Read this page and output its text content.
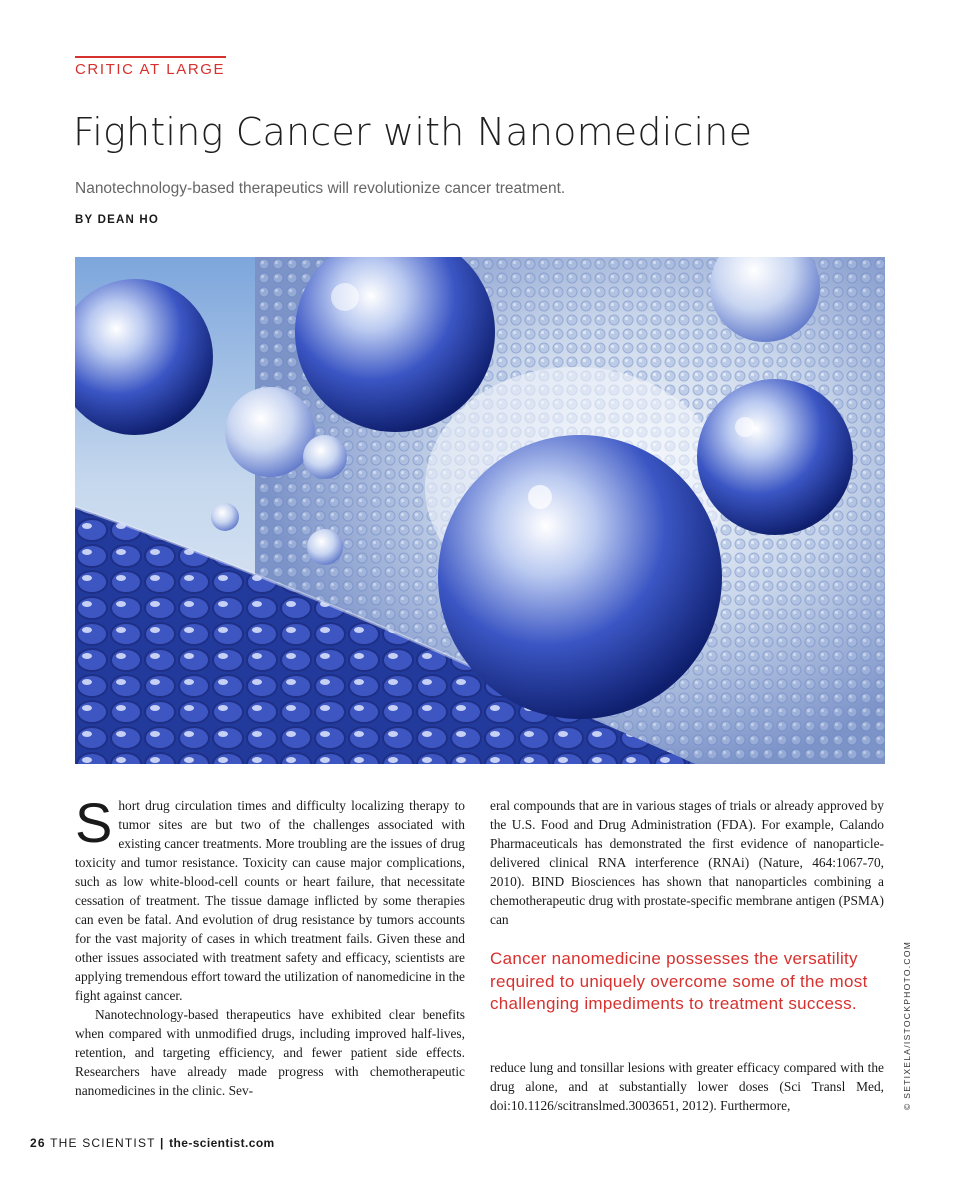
CRITIC AT LARGE
Fighting Cancer with Nanomedicine
Nanotechnology-based therapeutics will revolutionize cancer treatment.
BY DEAN HO
S hort drug circulation times and difficulty localizing therapy to tumor sites are but two of the challenges associated with existing cancer treatments. More troubling are the issues of drug toxicity and tumor resistance. Toxicity can cause major complications, such as low white-blood-cell counts or heart failure, that necessitate cessation of treatment. The tissue damage inflicted by some therapies can even be fatal. And evolution of drug resistance by tumors accounts for the vast majority of cases in which treatment fails. Given these and other issues associated with treatment safety and efficacy, scientists are applying tremendous effort toward the utilization of nanomedicine in the fight against cancer.

Nanotechnology-based therapeutics have exhibited clear benefits when compared with unmodified drugs, including improved half-lives, retention, and targeting efficiency, and fewer patient side effects. Researchers have already made progress with chemotherapeutic nanomedicines in the clinic. Sev-

eral compounds that are in various stages of trials or already approved by the U.S. Food and Drug Administration (FDA). For example, Calando Pharmaceuticals has demonstrated the first evidence of nanoparticle-delivered clinical RNA interference (RNAi) (Nature, 464:1067-70, 2010). BIND Biosciences has shown that nanoparticles combining a chemotherapeutic drug with prostate-specific membrane antigen (PSMA) can

Cancer nanomedicine possesses the versatility required to uniquely overcome some of the most challenging impediments to treatment success.

reduce lung and tonsillar lesions with greater efficacy compared with the drug alone, and at substantially lower doses (Sci Transl Med, doi:10.1126/scitranslmed.3003651, 2012). Furthermore,	© SETIXELA/ISTOCKPHOTO.COM
26 THE SCIENTIST | the-scientist.com
